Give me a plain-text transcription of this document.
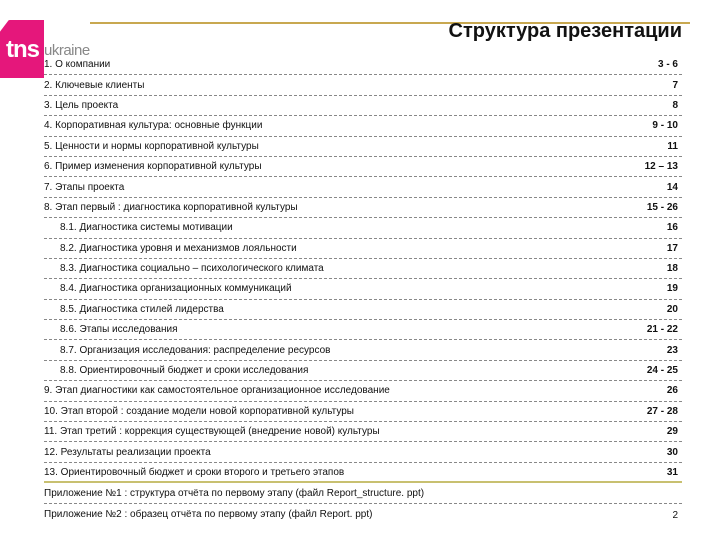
tns ukraine
Структура презентации
1. О компании	3 - 6
2. Ключевые клиенты	7
3. Цель проекта	8
4. Корпоративная культура: основные функции	9 - 10
5. Ценности и нормы корпоративной культуры	11
6. Пример изменения корпоративной культуры	12 – 13
7. Этапы проекта	14
8. Этап первый : диагностика корпоративной культуры	15 - 26
8.1. Диагностика системы мотивации	16
8.2. Диагностика уровня и механизмов лояльности	17
8.3. Диагностика социально – психологического климата	18
8.4. Диагностика организационных коммуникаций	19
8.5. Диагностика стилей лидерства	20
8.6. Этапы исследования	21 - 22
8.7. Организация исследования: распределение ресурсов	23
8.8. Ориентировочный бюджет и сроки исследования	24 - 25
9. Этап диагностики как самостоятельное организационное исследование	26
10. Этап второй : создание модели новой корпоративной культуры	27 - 28
11. Этап третий : коррекция существующей (внедрение новой) культуры	29
12. Результаты реализации проекта	30
13. Ориентировочный бюджет и сроки второго и третьего этапов	31
Приложение №1 : структура отчёта по первому этапу (файл Report_structure. ppt)
Приложение №2 : образец отчёта по первому этапу (файл Report. ppt)	2
